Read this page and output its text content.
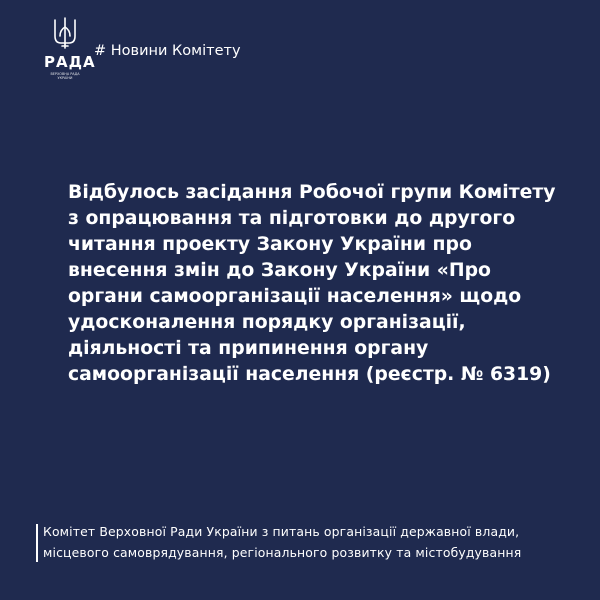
РАДА
ВЕРХОВНА РАДА
УКРАЇНИ
# Новини Комітету
Відбулось засідання Робочої групи Комітету
з опрацювання та підготовки до другого
читання проекту Закону України про
внесення змін до Закону України «Про
органи самоорганізації населення» щодо
удосконалення порядку організації,
діяльності та припинення органу
самоорганізації населення (реєстр. № 6319)
Комітет Верховної Ради України з питань організації державної влади,
місцевого самоврядування, регіонального розвитку та містобудування
